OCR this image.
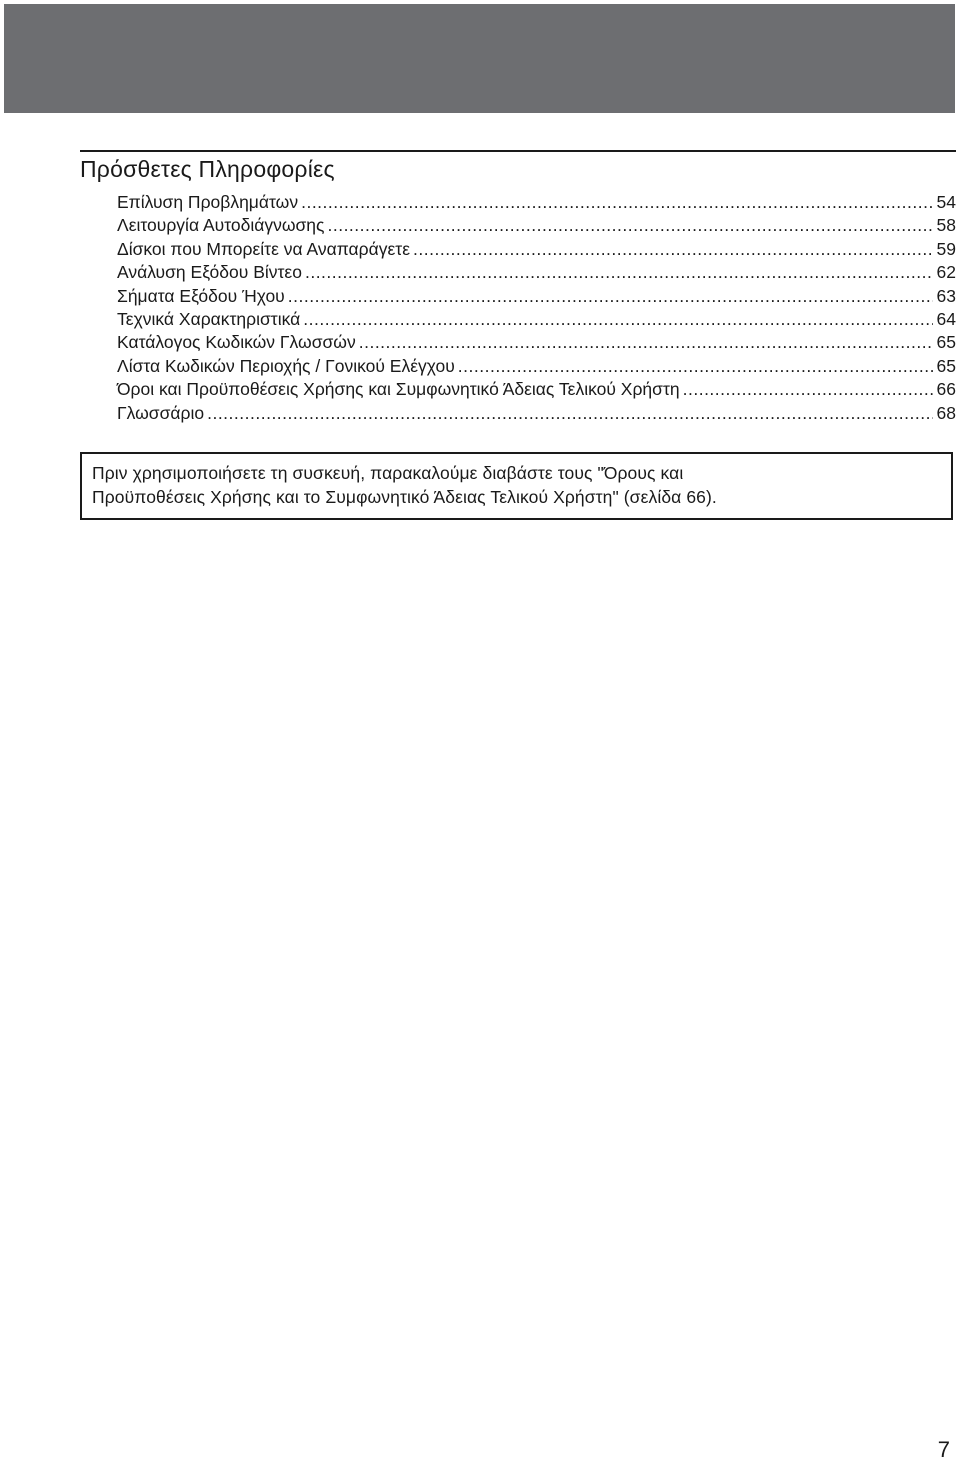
Πρόσθετες Πληροφορίες
Επίλυση Προβλημάτων .....	54
Λειτουργία Αυτοδιάγνωσης .....	58
Δίσκοι που Μπορείτε να Αναπαράγετε .....	59
Ανάλυση Εξόδου Βίντεο .....	62
Σήματα Εξόδου Ήχου .....	63
Τεχνικά Χαρακτηριστικά .....	64
Κατάλογος Κωδικών Γλωσσών .....	65
Λίστα Κωδικών Περιοχής / Γονικού Ελέγχου .....	65
Όροι και Προϋποθέσεις Χρήσης και Συμφωνητικό Άδειας Τελικού Χρήστη .....	66
Γλωσσάριο .....	68
Πριν χρησιμοποιήσετε τη συσκευή, παρακαλούμε διαβάστε τους "Όρους και
Προϋποθέσεις Χρήσης και το Συμφωνητικό Άδειας Τελικού Χρήστη" (σελίδα 66).
7
